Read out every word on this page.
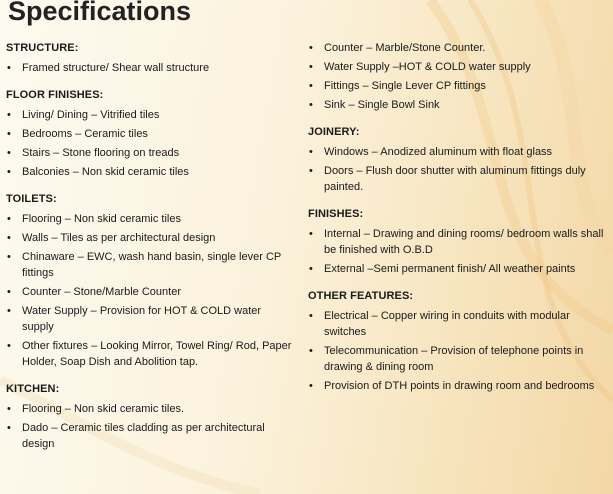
Specifications
STRUCTURE:
• Framed structure/ Shear wall structure
FLOOR FINISHES:
• Living/ Dining – Vitrified tiles
• Bedrooms – Ceramic tiles
• Stairs – Stone flooring on treads
• Balconies – Non skid ceramic tiles
TOILETS:
• Flooring – Non skid ceramic tiles
• Walls – Tiles as per architectural design
• Chinaware – EWC, wash hand basin, single lever CP fittings
• Counter – Stone/Marble Counter
• Water Supply – Provision for HOT & COLD water supply
• Other fixtures – Looking Mirror, Towel Ring/ Rod, Paper Holder, Soap Dish and Abolition tap.
KITCHEN:
• Flooring – Non skid ceramic tiles.
• Dado – Ceramic tiles cladding as per architectural design
• Counter – Marble/Stone Counter.
• Water Supply –HOT & COLD water supply
• Fittings – Single Lever CP fittings
• Sink – Single Bowl Sink
JOINERY:
• Windows – Anodized aluminum with float glass
• Doors – Flush door shutter with aluminum fittings duly painted.
FINISHES:
• Internal – Drawing and dining rooms/ bedroom walls shall be finished with O.B.D
• External –Semi permanent finish/ All weather paints
OTHER FEATURES:
• Electrical – Copper wiring in conduits with modular switches
• Telecommunication – Provision of telephone points in drawing & dining room
• Provision of DTH points in drawing room and bedrooms
